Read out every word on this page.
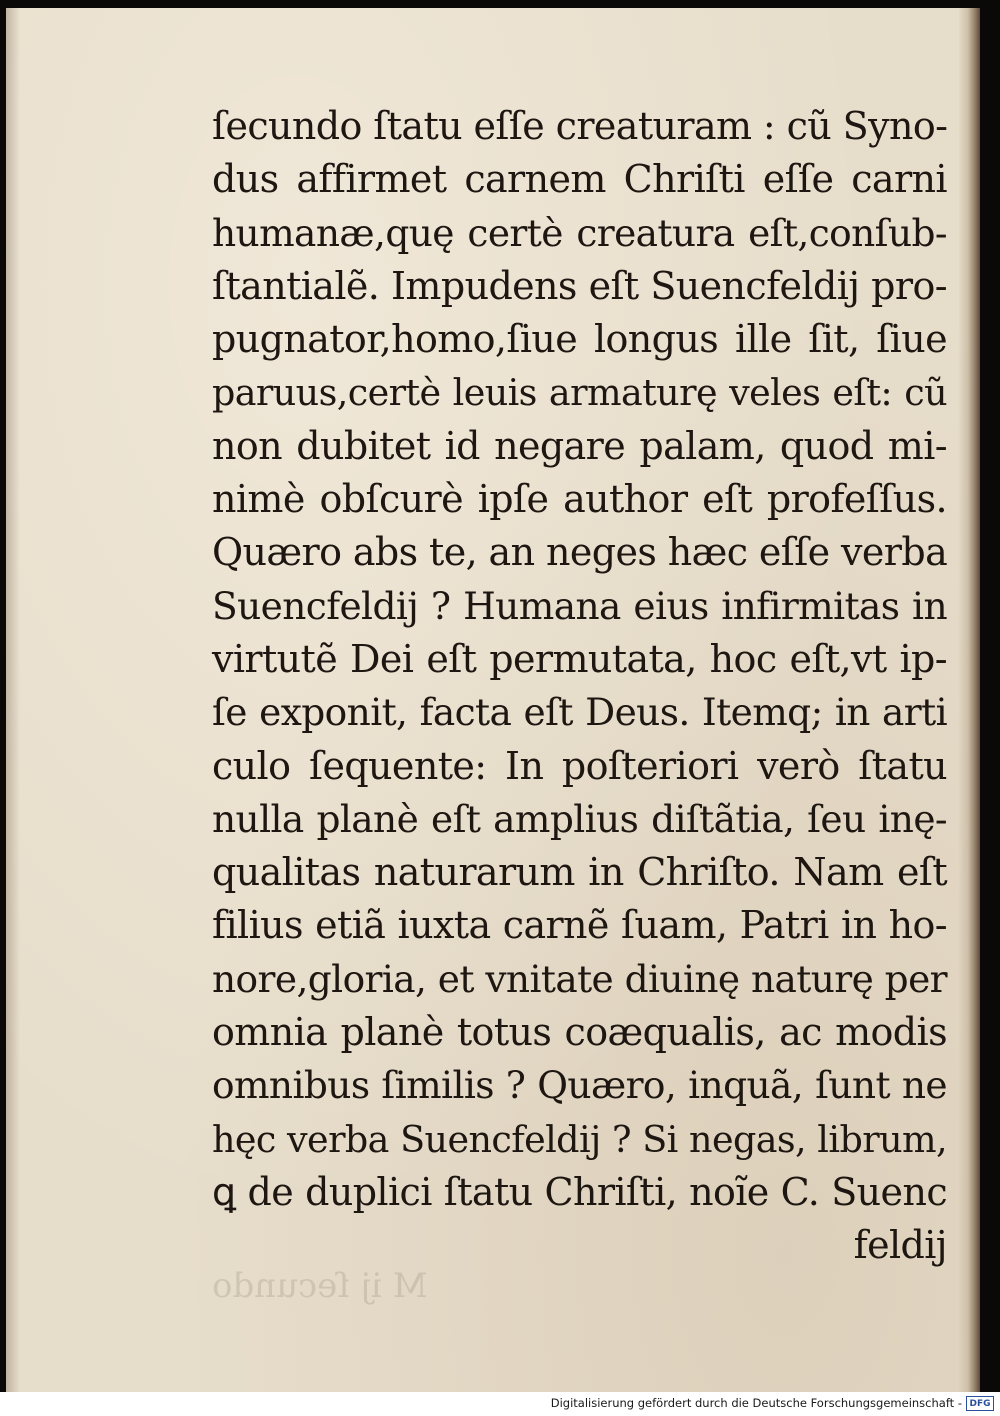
M ij ſecundo
ſecundo ſtatu eſſe creaturam : cũ Syno-
dus affirmet carnem Chriſti eſſe carni
humanæ,quę certè creatura eſt,conſub-
ſtantialẽ. Impudens eſt Suencfeldij pro-
pugnator,homo,ſiue longus ille ſit, ſiue
paruus,certè leuis armaturę veles eſt: cũ
non dubitet id negare palam, quod mi-
nimè obſcurè ipſe author eſt profeſſus.
Quæro abs te, an neges hæc eſſe verba
Suencfeldij ? Humana eius infirmitas in
virtutẽ Dei eſt permutata, hoc eſt,vt ip-
ſe exponit, facta eſt Deus. Itemq; in arti
culo ſequente: In poſteriori verò ſtatu
nulla planè eſt amplius diſtãtia, ſeu inę-
qualitas naturarum in Chriſto. Nam eſt
filius etiã iuxta carnẽ ſuam, Patri in ho-
nore,gloria, et vnitate diuinę naturę per
omnia planè totus coæqualis, ac modis
omnibus ſimilis ? Quæro, inquã, ſunt ne
hęc verba Suencfeldij ? Si negas, librum,
ꝗ de duplici ſtatu Chriſti, noĩe C. Suenc
feldij
Digitalisierung gefördert durch die Deutsche Forschungsgemeinschaft - DFG
